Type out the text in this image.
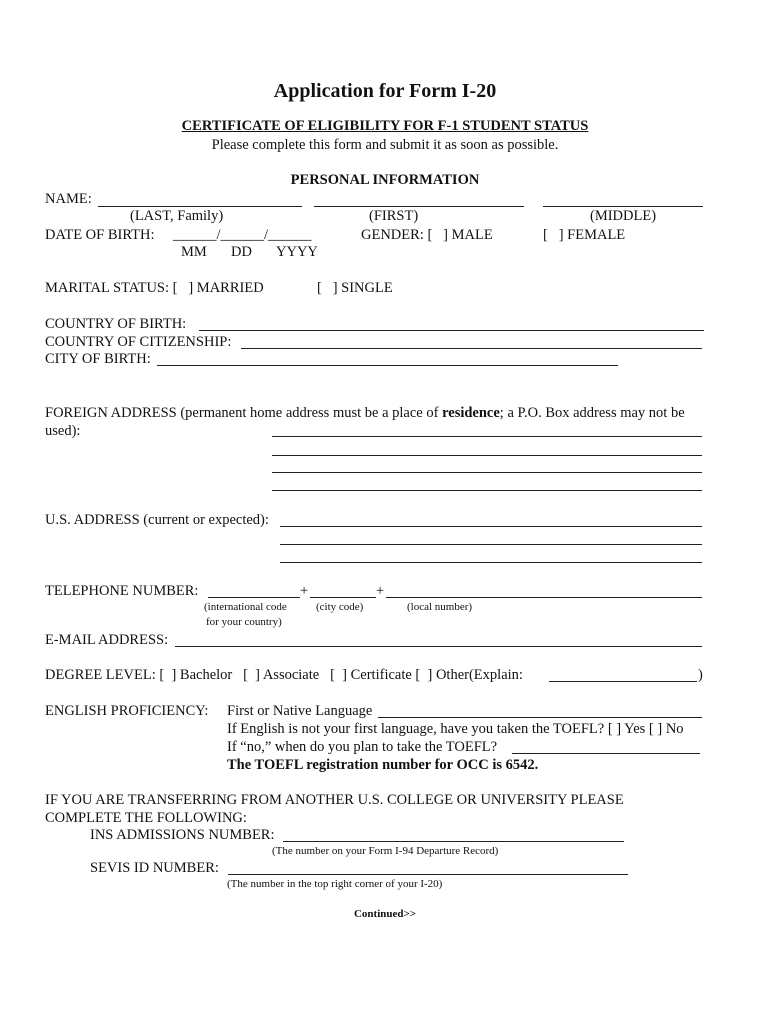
Application for Form I-20
CERTIFICATE OF ELIGIBILITY FOR F-1 STUDENT STATUS
Please complete this form and submit it as soon as possible.
PERSONAL INFORMATION
NAME:
(LAST, Family)	(FIRST)	(MIDDLE)
DATE OF BIRTH: ______/______/______	GENDER: [   ] MALE	[   ] FEMALE
MM DD YYYY
MARITAL STATUS: [   ] MARRIED	[   ] SINGLE
COUNTRY OF BIRTH:
COUNTRY OF CITIZENSHIP:
CITY OF BIRTH:
FOREIGN ADDRESS (permanent home address must be a place of residence; a P.O. Box address may not be
used):
U.S. ADDRESS (current or expected):
TELEPHONE NUMBER:	+	+
(international code
for your country)
(city code)	(local number)
E-MAIL ADDRESS:
DEGREE LEVEL: [  ] Bachelor   [  ] Associate   [  ] Certificate [  ] Other(Explain:	)
ENGLISH PROFICIENCY: First or Native Language
If English is not your first language, have you taken the TOEFL? [ ] Yes [ ] No
If “no,” when do you plan to take the TOEFL?
The TOEFL registration number for OCC is 6542.
IF YOU ARE TRANSFERRING FROM ANOTHER U.S. COLLEGE OR UNIVERSITY PLEASE
COMPLETE THE FOLLOWING:
INS ADMISSIONS NUMBER:
(The number on your Form I-94 Departure Record)
SEVIS ID NUMBER:
(The number in the top right corner of your I-20)
Continued>>
